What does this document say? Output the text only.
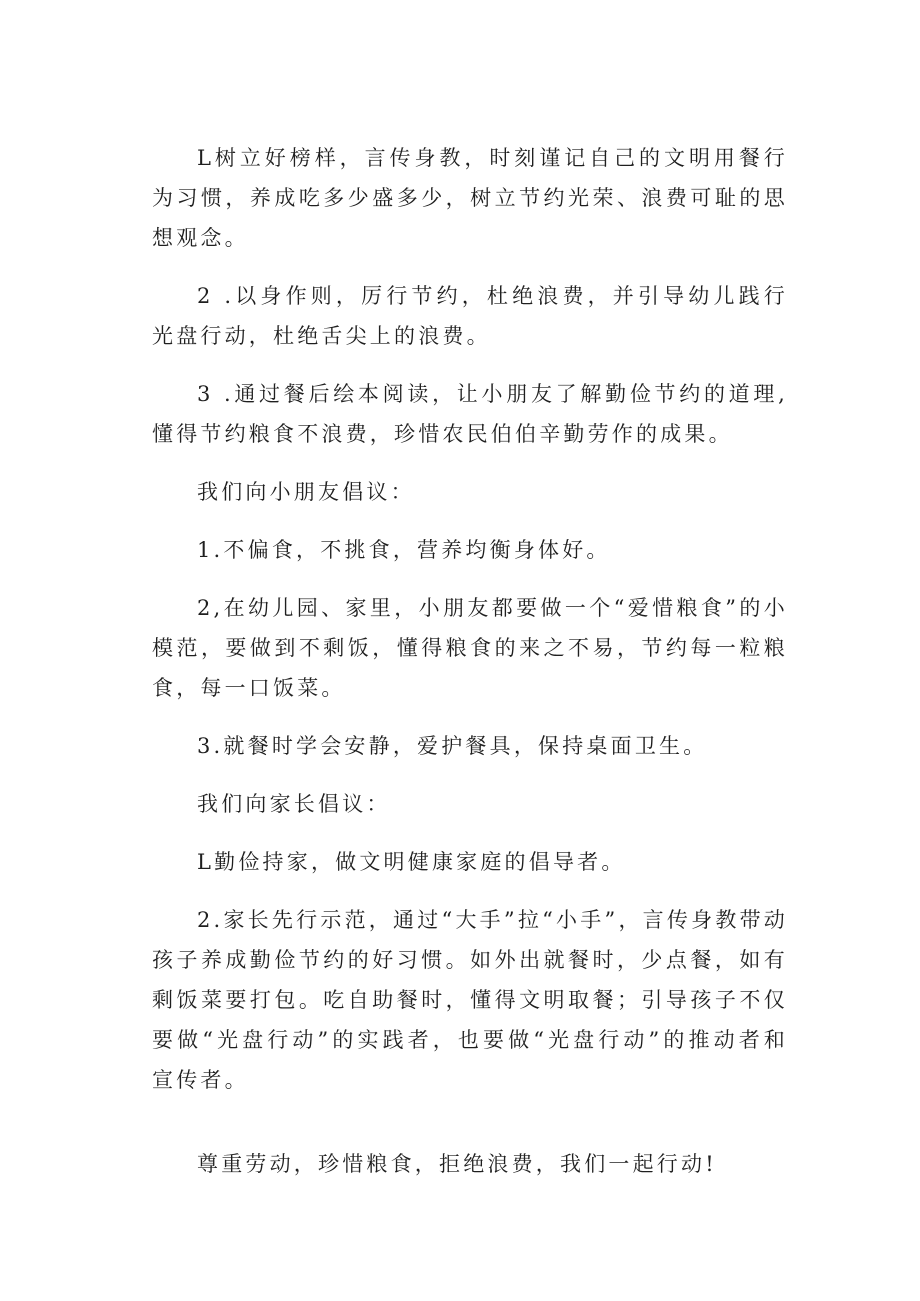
L树立好榜样，言传身教，时刻谨记自己的文明用餐行为习惯，养成吃多少盛多少，树立节约光荣、浪费可耻的思想观念。

2 .以身作则，厉行节约，杜绝浪费，并引导幼儿践行光盘行动，杜绝舌尖上的浪费。

3 .通过餐后绘本阅读，让小朋友了解勤俭节约的道理,懂得节约粮食不浪费，珍惜农民伯伯辛勤劳作的成果。

我们向小朋友倡议：

1.不偏食，不挑食，营养均衡身体好。

2,在幼儿园、家里，小朋友都要做一个“爱惜粮食”的小模范，要做到不剩饭，懂得粮食的来之不易，节约每一粒粮食，每一口饭菜。

3.就餐时学会安静，爱护餐具，保持桌面卫生。

我们向家长倡议：

L勤俭持家，做文明健康家庭的倡导者。

2.家长先行示范，通过“大手”拉“小手”，言传身教带动孩子养成勤俭节约的好习惯。如外出就餐时，少点餐，如有剩饭菜要打包。吃自助餐时，懂得文明取餐；引导孩子不仅要做“光盘行动”的实践者，也要做“光盘行动”的推动者和宣传者。

尊重劳动，珍惜粮食，拒绝浪费，我们一起行动!
